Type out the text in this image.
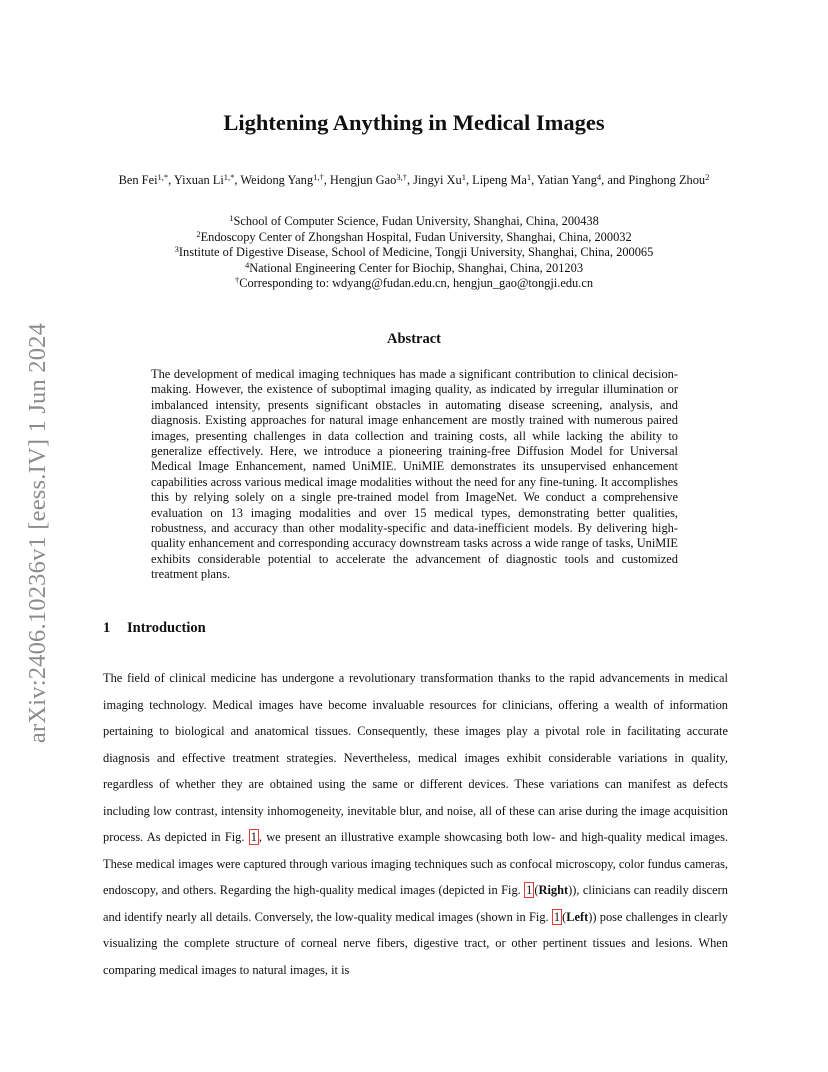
arXiv:2406.10236v1 [eess.IV] 1 Jun 2024
Lightening Anything in Medical Images
Ben Fei$^{1,*}$, Yixuan $Li^{1,*}$, Weidong Yang$^{1,\dagger}$, Hengjun Gao$^{3,\dagger}$, Jingyi Xu$^1$, Lipeng Ma$^1$, Yatian Yang$^4$, and Pinghong Zhou$^2$
$^1$School of Computer Science, Fudan University, Shanghai, China, 200438
$^2$Endoscopy Center of Zhongshan Hospital, Fudan University, Shanghai, China, 200032
$^3$Institute of Digestive Disease, School of Medicine, Tongji University, Shanghai, China, 200065
$^4$National Engineering Center for Biochip, Shanghai, China, 201203
†Corresponding to: wdyang@fudan.edu.cn, hengjun_gao@tongji.edu.cn
Abstract
The development of medical imaging techniques has made a significant contribution to clinical decision-making. However, the existence of suboptimal imaging quality, as indicated by irregular illumination or imbalanced intensity, presents significant obstacles in automating disease screening, analysis, and diagnosis. Existing approaches for natural image enhancement are mostly trained with numerous paired images, presenting challenges in data collection and training costs, all while lacking the ability to generalize effectively. Here, we introduce a pioneering training-free Diffusion Model for Universal Medical Image Enhancement, named UniMIE. UniMIE demonstrates its unsupervised enhancement capabilities across various medical image modalities without the need for any fine-tuning. It accomplishes this by relying solely on a single pre-trained model from ImageNet. We conduct a comprehensive evaluation on 13 imaging modalities and over 15 medical types, demonstrating better qualities, robustness, and accuracy than other modality-specific and data-inefficient models. By delivering high-quality enhancement and corresponding accuracy downstream tasks across a wide range of tasks, UniMIE exhibits considerable potential to accelerate the advancement of diagnostic tools and customized treatment plans.
1 Introduction
The field of clinical medicine has undergone a revolutionary transformation thanks to the rapid advancements in medical imaging technology. Medical images have become invaluable resources for clinicians, offering a wealth of information pertaining to biological and anatomical tissues. Consequently, these images play a pivotal role in facilitating accurate diagnosis and effective treatment strategies. Nevertheless, medical images exhibit considerable variations in quality, regardless of whether they are obtained using the same or different devices. These variations can manifest as defects including low contrast, intensity inhomogeneity, inevitable blur, and noise, all of these can arise during the image acquisition process. As depicted in Fig. 1 , we present an illustrative example showcasing both low- and high-quality medical images. These medical images were captured through various imaging techniques such as confocal microscopy, color fundus cameras, endoscopy, and others. Regarding the high-quality medical images (depicted in Fig. 1 (Right)), clinicians can readily discern and identify nearly all details. Conversely, the low-quality medical images (shown in Fig. 1 (Left)) pose challenges in clearly visualizing the complete structure of corneal nerve fibers, digestive tract, or other pertinent tissues and lesions. When comparing medical images to natural images, it is
